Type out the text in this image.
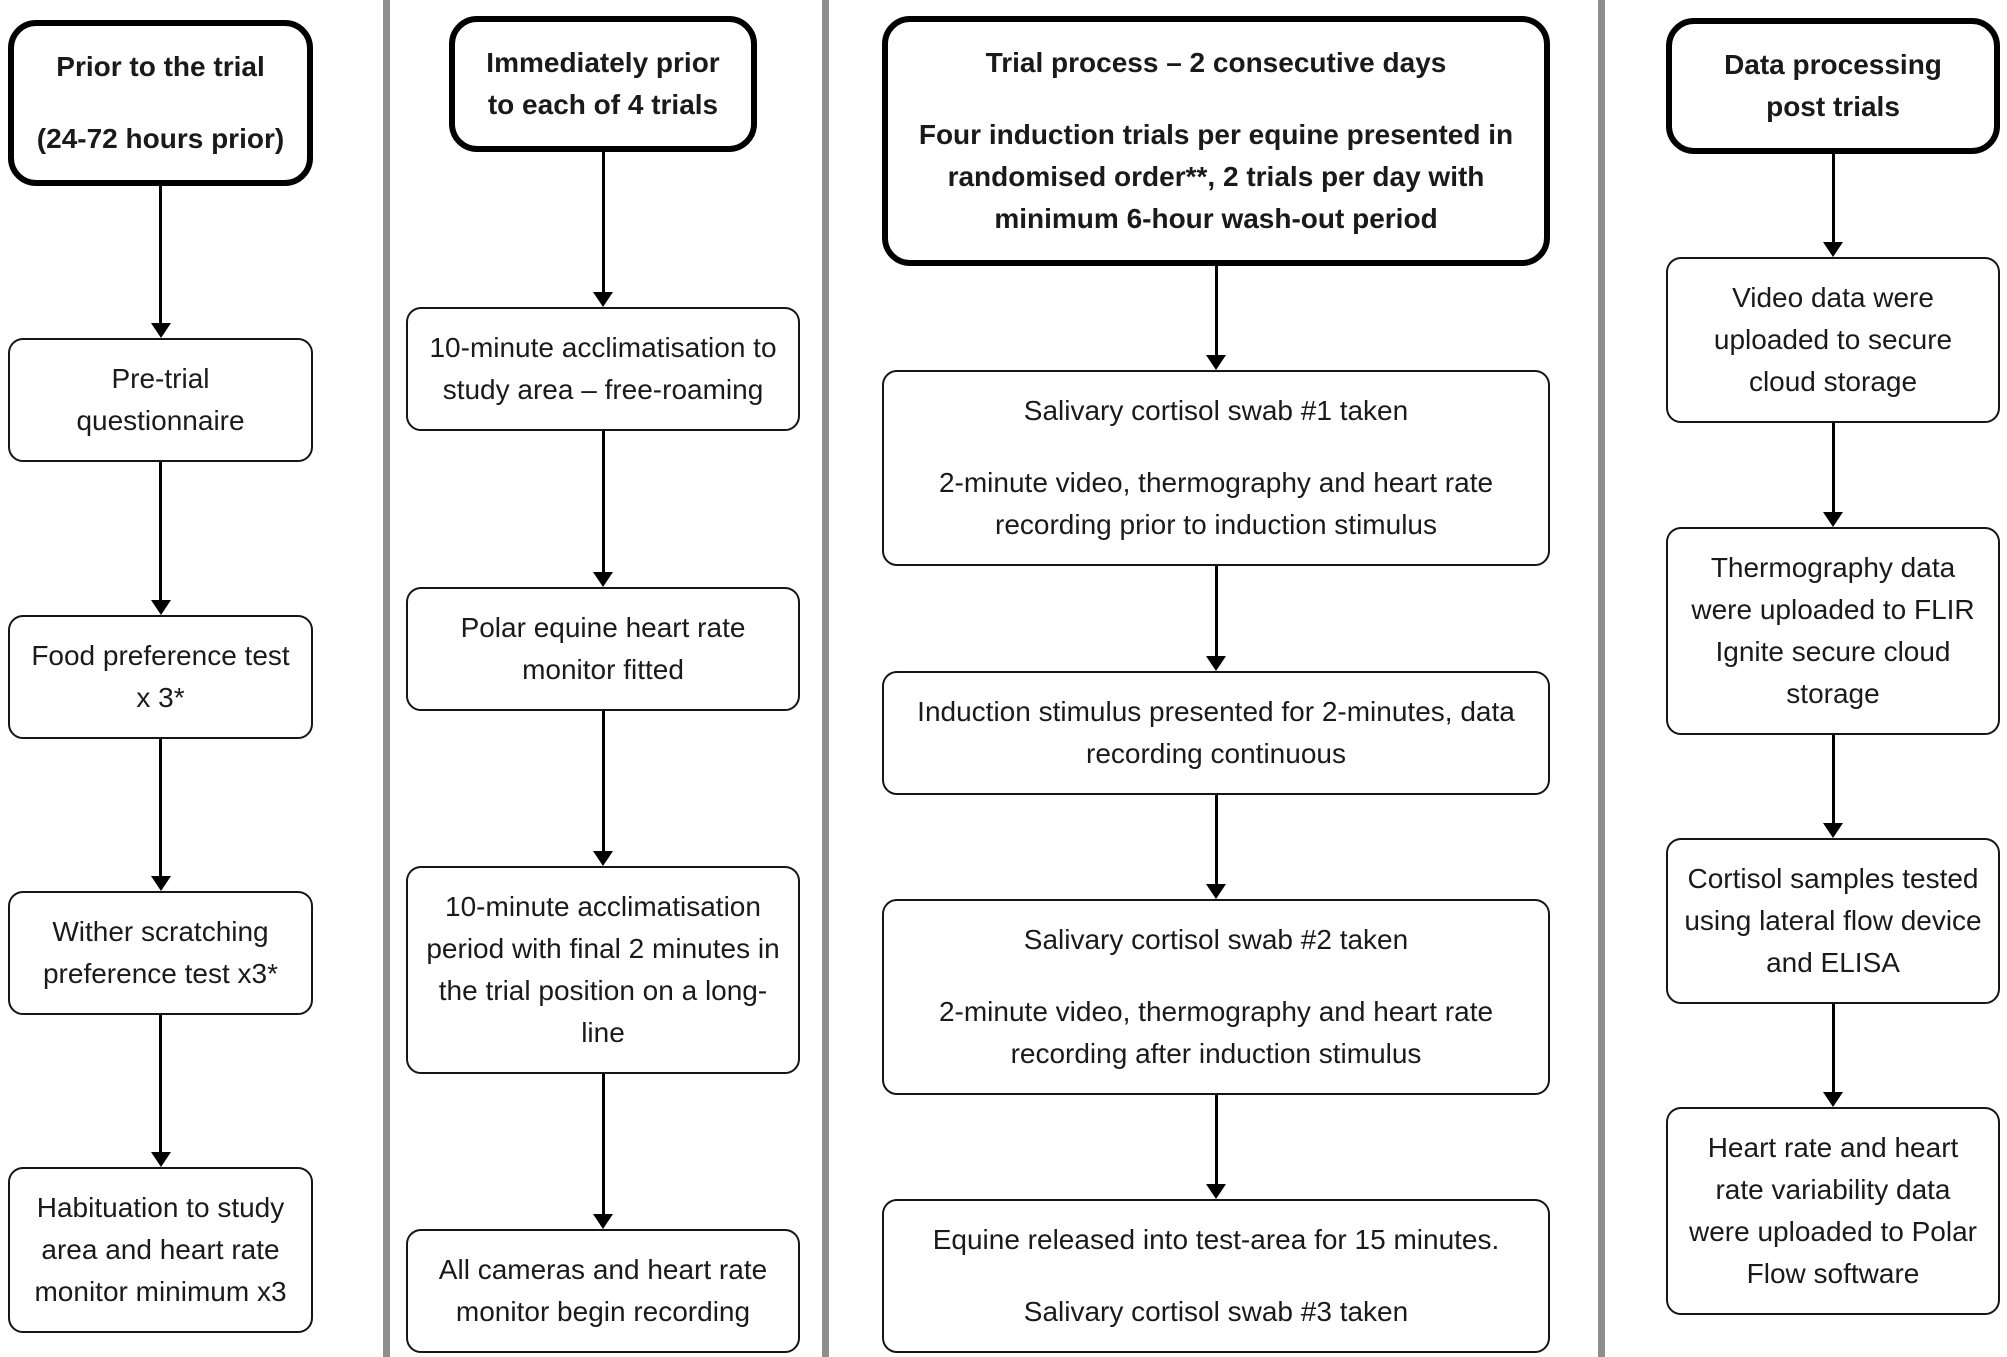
Prior to the trial

(24-72 hours prior)

Pre-trial questionnaire

Food preference test x 3*

Wither scratching preference test x3*

Habituation to study area and heart rate monitor minimum x3

Immediately prior to each of 4 trials

10-minute acclimatisation to study area – free-roaming

Polar equine heart rate monitor fitted

10-minute acclimatisation period with final 2 minutes in the trial position on a long-line

All cameras and heart rate monitor begin recording

Trial process – 2 consecutive days

Four induction trials per equine presented in randomised order**, 2 trials per day with minimum 6-hour wash-out period

Salivary cortisol swab #1 taken

2-minute video, thermography and heart rate recording prior to induction stimulus

Induction stimulus presented for 2-minutes, data recording continuous

Salivary cortisol swab #2 taken

2-minute video, thermography and heart rate recording after induction stimulus

Equine released into test-area for 15 minutes.

Salivary cortisol swab #3 taken

Data processing post trials

Video data were uploaded to secure cloud storage

Thermography data were uploaded to FLIR Ignite secure cloud storage

Cortisol samples tested using lateral flow device and ELISA

Heart rate and heart rate variability data were uploaded to Polar Flow software
